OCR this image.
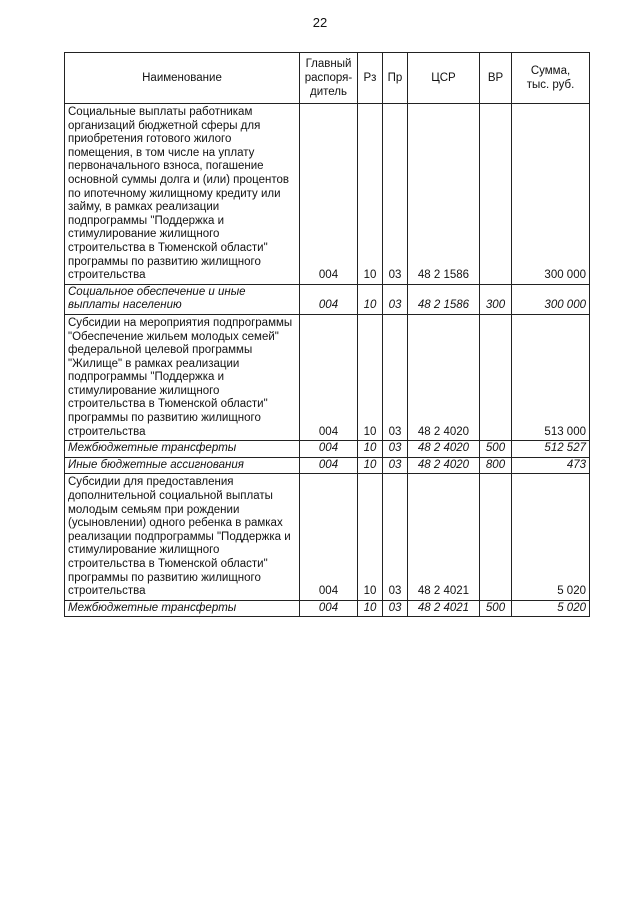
22
Наименование	Главный
распоря-
дитель	Рз	Пр	ЦСР	ВР	Сумма,
тыс. руб.
Социальные выплаты работникам организаций бюджетной сферы для приобретения готового жилого помещения, в том числе на уплату первоначального взноса, погашение основной суммы долга и (или) процентов по ипотечному жилищному кредиту или займу, в рамках реализации подпрограммы "Поддержка и стимулирование жилищного строительства в Тюменской области" программы по развитию жилищного строительства	004	10	03	48 2 1586		300 000
Социальное обеспечение и иные выплаты населению	004	10	03	48 2 1586	300	300 000
Субсидии на мероприятия подпрограммы "Обеспечение жильем молодых семей" федеральной целевой программы "Жилище" в рамках реализации подпрограммы "Поддержка и стимулирование жилищного строительства в Тюменской области" программы по развитию жилищного строительства	004	10	03	48 2 4020		513 000
Межбюджетные трансферты	004	10	03	48 2 4020	500	512 527
Иные бюджетные ассигнования	004	10	03	48 2 4020	800	473
Субсидии для предоставления дополнительной социальной выплаты молодым семьям при рождении (усыновлении) одного ребенка в рамках реализации подпрограммы "Поддержка и стимулирование жилищного строительства в Тюменской области" программы по развитию жилищного строительства	004	10	03	48 2 4021		5 020
Межбюджетные трансферты	004	10	03	48 2 4021	500	5 020
